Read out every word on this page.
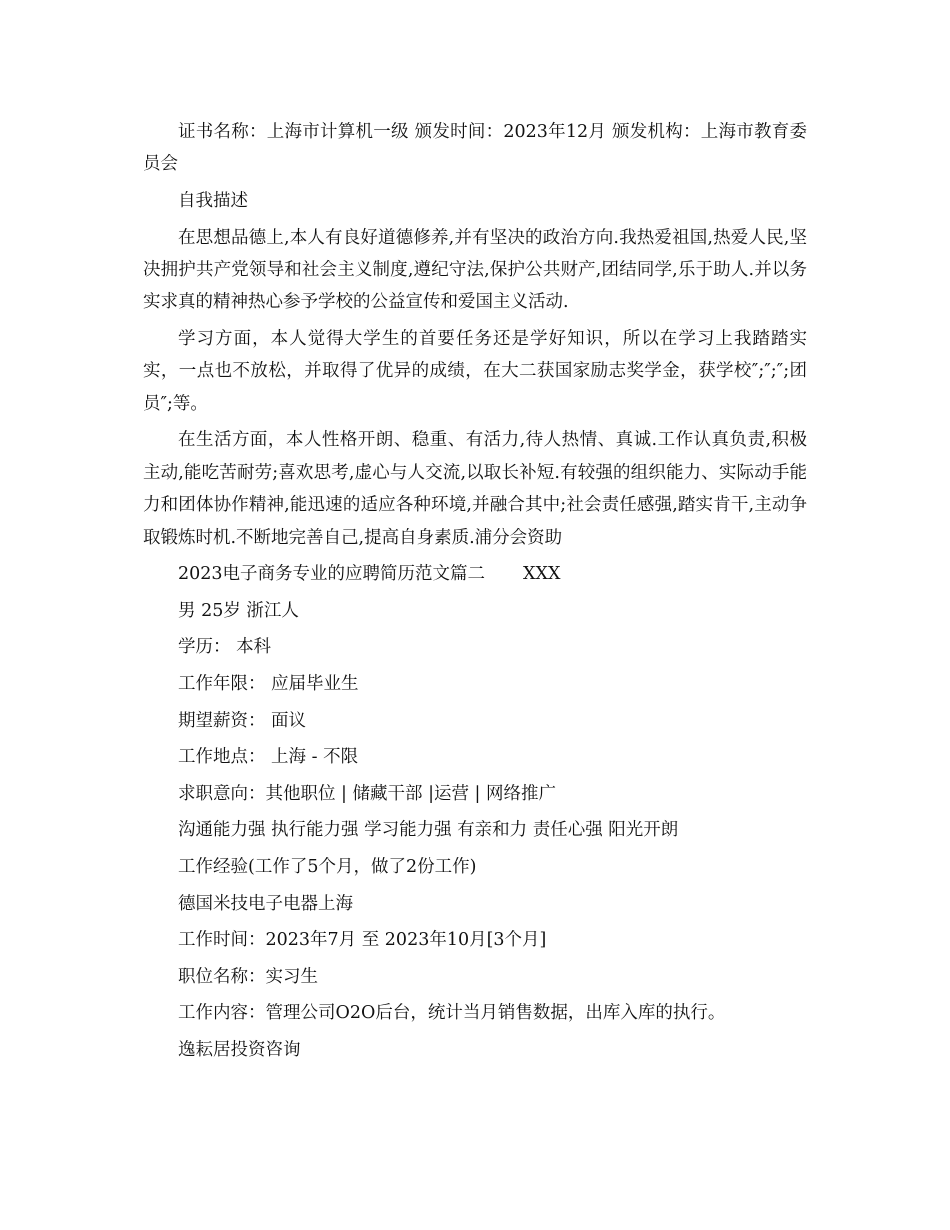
证书名称：上海市计算机一级 颁发时间：2023年12月 颁发机构：上海市教育委员会

自我描述

在思想品德上,本人有良好道德修养,并有坚决的政治方向.我热爱祖国,热爱人民,坚决拥护共产党领导和社会主义制度,遵纪守法,保护公共财产,团结同学,乐于助人.并以务实求真的精神热心参予学校的公益宣传和爱国主义活动.

学习方面，本人觉得大学生的首要任务还是学好知识，所以在学习上我踏踏实实，一点也不放松，并取得了优异的成绩，在大二获国家励志奖学金，获学校″;″;″;团员″;等。

在生活方面，本人性格开朗、稳重、有活力,待人热情、真诚.工作认真负责,积极主动,能吃苦耐劳;喜欢思考,虚心与人交流,以取长补短.有较强的组织能力、实际动手能力和团体协作精神,能迅速的适应各种环境,并融合其中;社会责任感强,踏实肯干,主动争取锻炼时机.不断地完善自己,提高自身素质.浦分会资助

2023电子商务专业的应聘简历范文篇二 XXX
男 25岁 浙江人
学历： 本科
工作年限： 应届毕业生
期望薪资： 面议
工作地点： 上海 - 不限
求职意向：其他职位 | 储藏干部 |运营 | 网络推广
沟通能力强 执行能力强 学习能力强 有亲和力 责任心强 阳光开朗
工作经验(工作了5个月，做了2份工作)
德国米技电子电器上海
工作时间：2023年7月 至 2023年10月[3个月]
职位名称：实习生
工作内容：管理公司O2O后台，统计当月销售数据，出库入库的执行。
逸耘居投资咨询
